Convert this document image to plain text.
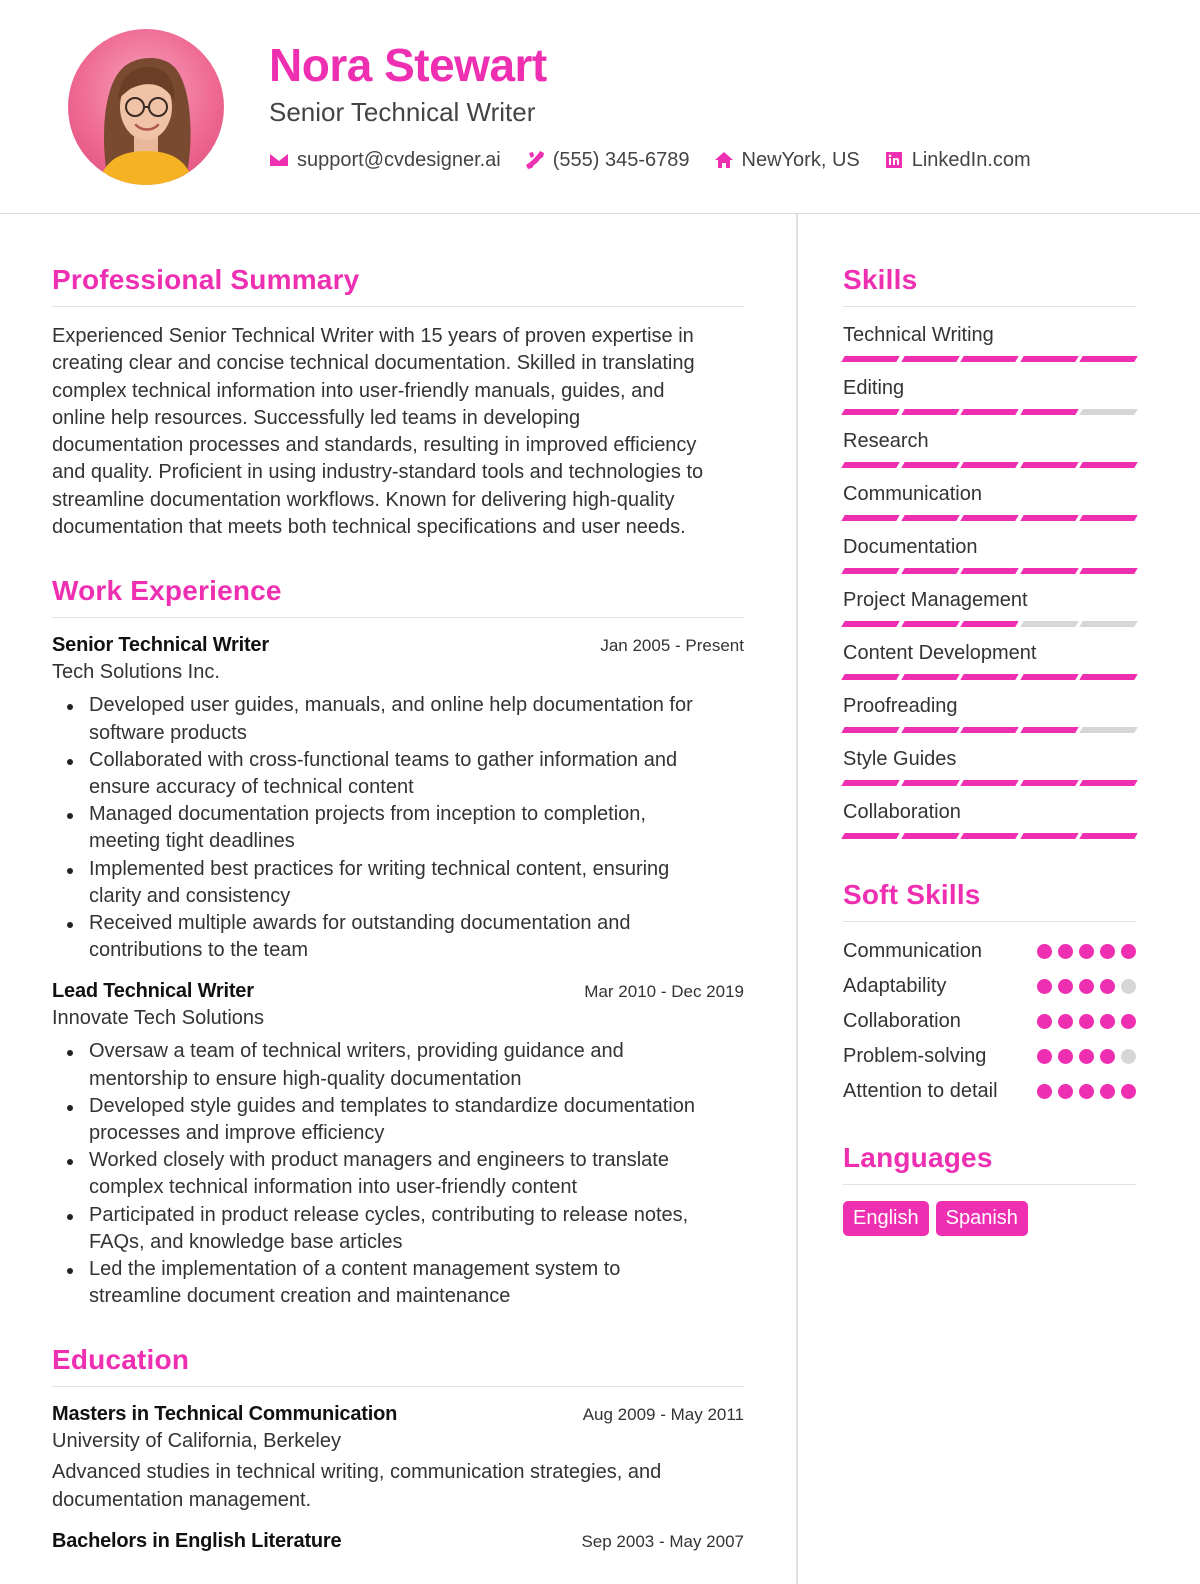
Nora Stewart
Senior Technical Writer
support@cvdesigner.ai	(555) 345-6789	NewYork, US	LinkedIn.com
Professional Summary
Experienced Senior Technical Writer with 15 years of proven expertise in
creating clear and concise technical documentation. Skilled in translating
complex technical information into user-friendly manuals, guides, and
online help resources. Successfully led teams in developing
documentation processes and standards, resulting in improved efficiency
and quality. Proficient in using industry-standard tools and technologies to
streamline documentation workflows. Known for delivering high-quality
documentation that meets both technical specifications and user needs.
Work Experience
Senior Technical Writer	Jan 2005 - Present
Tech Solutions Inc.
Developed user guides, manuals, and online help documentation for
software products
Collaborated with cross-functional teams to gather information and
ensure accuracy of technical content
Managed documentation projects from inception to completion,
meeting tight deadlines
Implemented best practices for writing technical content, ensuring
clarity and consistency
Received multiple awards for outstanding documentation and
contributions to the team
Lead Technical Writer	Mar 2010 - Dec 2019
Innovate Tech Solutions
Oversaw a team of technical writers, providing guidance and
mentorship to ensure high-quality documentation
Developed style guides and templates to standardize documentation
processes and improve efficiency
Worked closely with product managers and engineers to translate
complex technical information into user-friendly content
Participated in product release cycles, contributing to release notes,
FAQs, and knowledge base articles
Led the implementation of a content management system to
streamline document creation and maintenance
Education
Masters in Technical Communication	Aug 2009 - May 2011
University of California, Berkeley
Advanced studies in technical writing, communication strategies, and
documentation management.
Bachelors in English Literature	Sep 2003 - May 2007
Skills
Technical Writing
Editing
Research
Communication
Documentation
Project Management
Content Development
Proofreading
Style Guides
Collaboration
Soft Skills
Communication
Adaptability
Collaboration
Problem-solving
Attention to detail
Languages
English	Spanish
